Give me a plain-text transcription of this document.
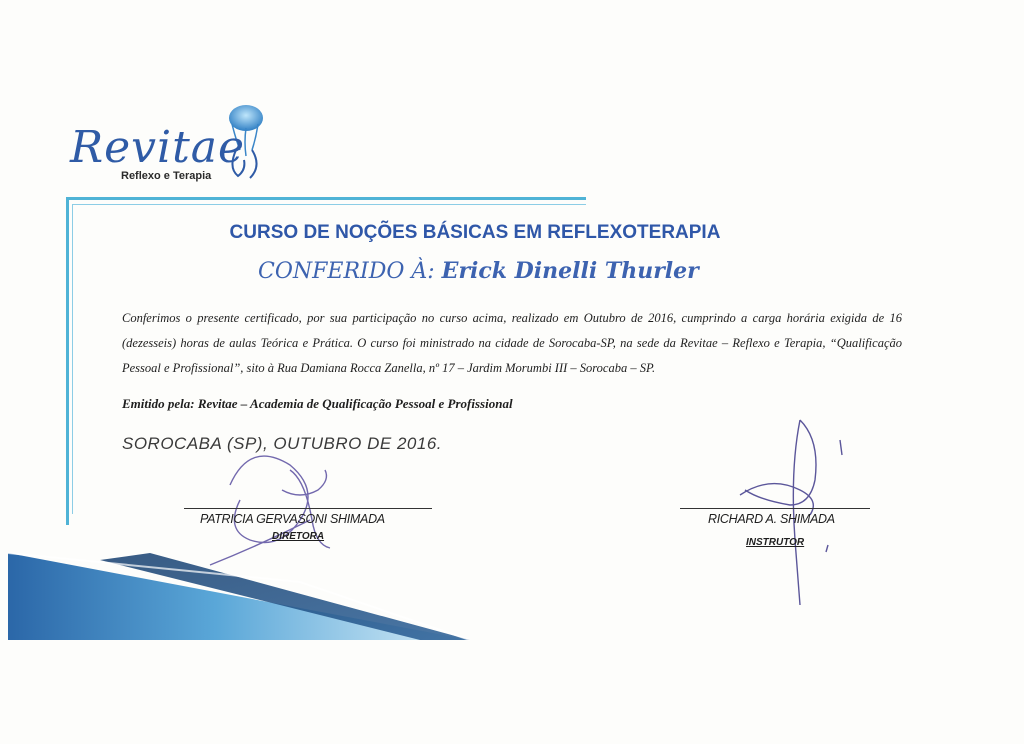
Revitae
Reflexo e Terapia
CURSO DE NOÇÕES BÁSICAS EM REFLEXOTERAPIA
CONFERIDO À: Erick Dinelli Thurler
Conferimos o presente certificado, por sua participação no curso acima, realizado em Outubro de 2016, cumprindo a carga horária exigida de 16 (dezesseis) horas de aulas Teórica e Prática. O curso foi ministrado na cidade de Sorocaba-SP, na sede da Revitae – Reflexo e Terapia, “Qualificação Pessoal e Profissional”, sito à Rua Damiana Rocca Zanella, nº 17 – Jardim Morumbi III – Sorocaba – SP.
Emitido pela: Revitae – Academia de Qualificação Pessoal e Profissional
SOROCABA (SP), OUTUBRO DE 2016.
PATRICIA GERVASONI SHIMADA
DIRETORA
RICHARD A. SHIMADA
INSTRUTOR
